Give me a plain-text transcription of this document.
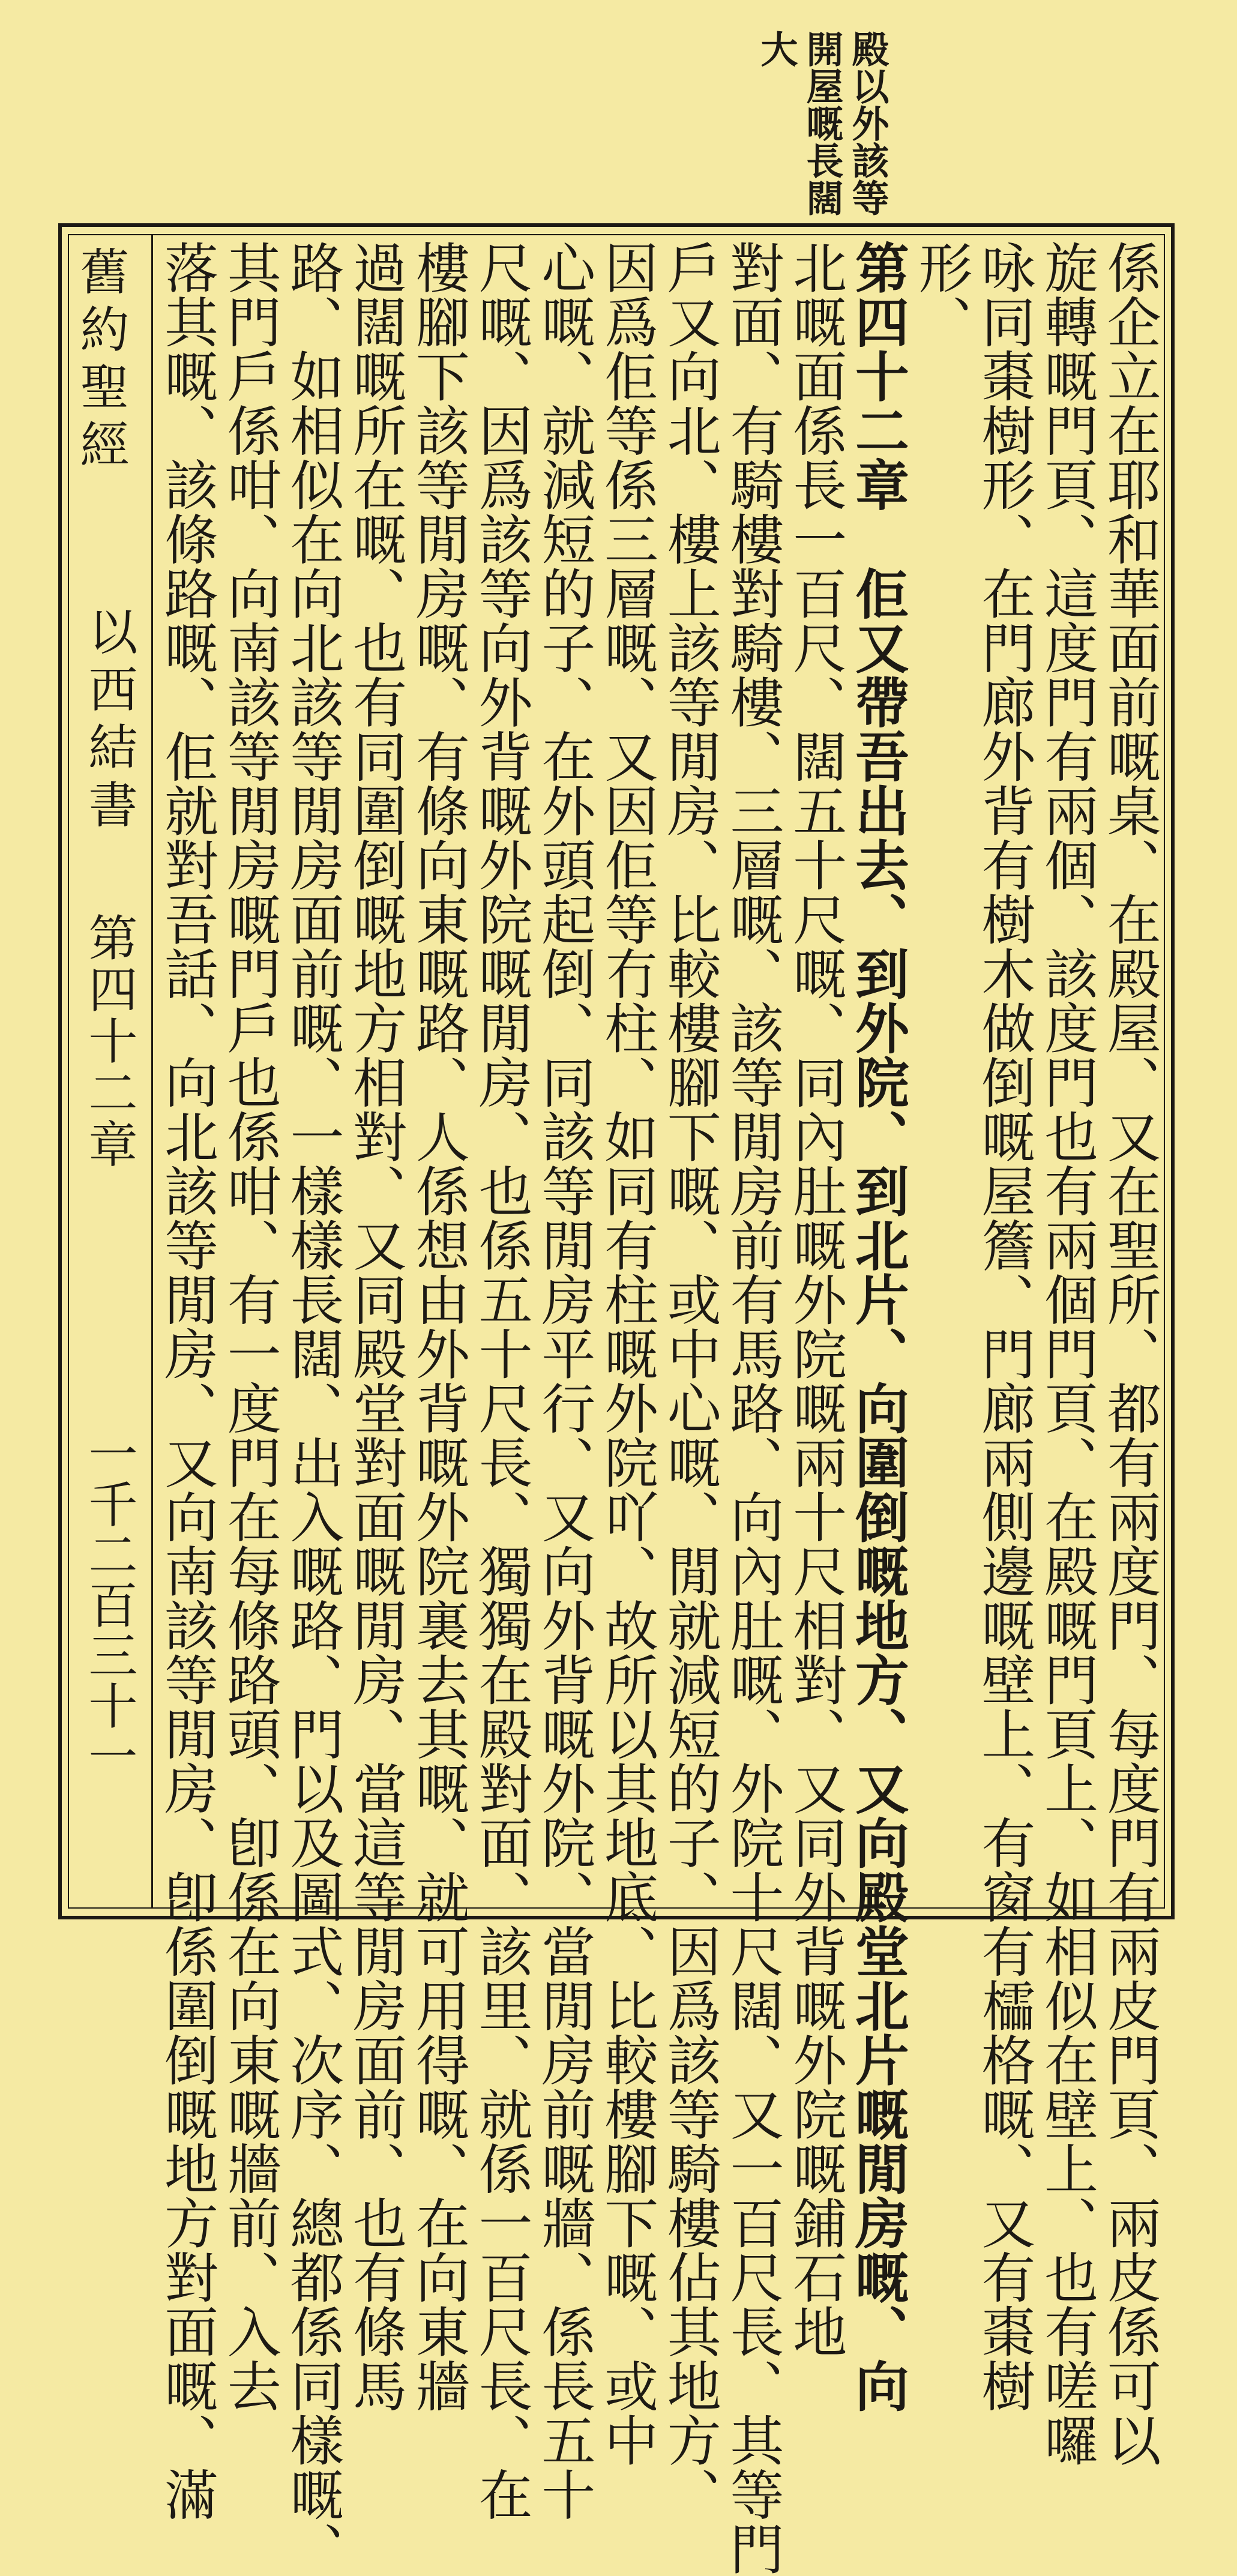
殿以外該等
開屋嘅長闊
大
舊約聖經
以西結書
第四十二章
一千二百三十一	係企立在耶和華面前嘅桌、在殿屋、又在聖所、都有兩度門、每度門有兩皮門頁、兩皮係可以
旋轉嘅門頁、這度門有兩個、該度門也有兩個門頁、在殿嘅門頁上、如相似在壁上、也有嗟囉
咏同棗樹形、在門廊外背有樹木做倒嘅屋簷、門廊兩側邊嘅壁上、有窗有櫺格嘅、又有棗樹
形、
第四十二章　佢又帶吾出去、到外院、到北片、向圍倒嘅地方、又向殿堂北片嘅閒房嘅、向
北嘅面係長一百尺、闊五十尺嘅、同內肚嘅外院嘅兩十尺相對、又同外背嘅外院嘅鋪石地
對面、有騎樓對騎樓、三層嘅、該等閒房前有馬路、向內肚嘅、外院十尺闊、又一百尺長、其等門
戶又向北、樓上該等閒房、比較樓腳下嘅、或中心嘅、閒就減短的子、因爲該等騎樓佔其地方、
因爲佢等係三層嘅、又因佢等冇柱、如同有柱嘅外院吖、故所以其地底、比較樓腳下嘅、或中
心嘅、就減短的子、在外頭起倒、同該等閒房平行、又向外背嘅外院、當閒房前嘅牆、係長五十
尺嘅、因爲該等向外背嘅外院嘅閒房、也係五十尺長、獨獨在殿對面、該里、就係一百尺長、在
樓腳下該等閒房嘅、有條向東嘅路、人係想由外背嘅外院裏去其嘅、就可用得嘅、在向東牆
過闊嘅所在嘅、也有同圍倒嘅地方相對、又同殿堂對面嘅閒房、當這等閒房面前、也有條馬
路、如相似在向北該等閒房面前嘅、一樣樣長闊、出入嘅路、門以及圖式、次序、總都係同樣嘅、
其門戶係咁、向南該等閒房嘅門戶也係咁、有一度門在每條路頭、卽係在向東嘅牆前、入去
落其嘅、該條路嘅、佢就對吾話、向北該等閒房、又向南該等閒房、卽係圍倒嘅地方對面嘅、滿
